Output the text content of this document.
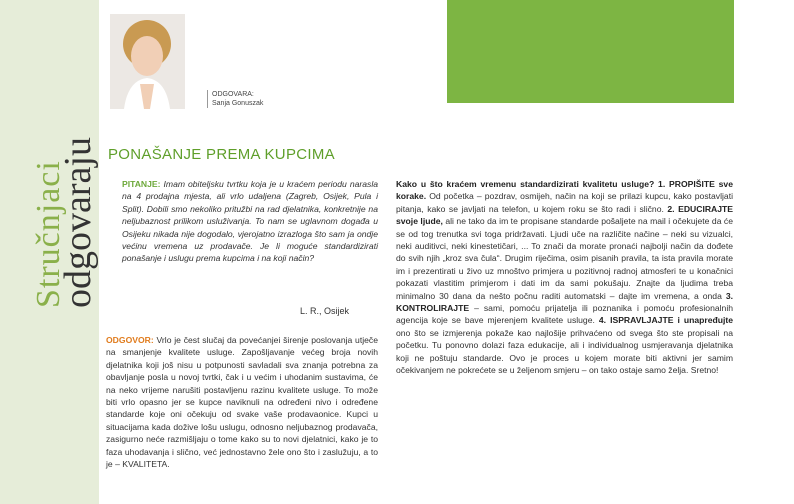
Stručnjaci
odgovaraju
ODGOVARA:
Sanja Gonuszak
PONAŠANJE PREMA KUPCIMA
PITANJE: Imam obiteljsku tvrtku koja je u kraćem periodu narasla na 4 prodajna mjesta, ali vrlo udaljena (Zagreb, Osijek, Pula i Split). Dobili smo nekoliko pritužbi na rad djelatnika, konkretnije na neljubaznost prilikom usluživanja. To nam se uglavnom događa u Osijeku nikada nije dogodalo, vjerojatno izrazloga što sam ja ondje većinu vremena uz prodavače. Je li moguće standardizirati ponašanje i uslugu prema kupcima i na koji način?
L. R., Osijek
ODGOVOR: Vrlo je čest slučaj da povećanjei širenje poslovanja utječe na smanjenje kvalitete usluge. Zapošljavanje većeg broja novih djelatnika koji još nisu u potpunosti savladali sva znanja potrebna za obavljanje posla u novoj tvrtki, čak i u većim i uhodanim sustavima, će na neko vrijeme narušiti postavljenu razinu kvalitete usluge. To može biti vrlo opasno jer se kupce naviknuli na određeni nivo i određene standarde koje oni očekuju od svake vaše prodavaonice. Kupci u situacijama kada dožive lošu uslugu, odnosno neljubaznog prodavača, zasigurno neće razmišljaju o tome kako su to novi djelatnici, kako je to faza uhodavanja i slično, već jednostavno žele ono što i zaslužuju, a to je – KVALITETA.
Kako u što kraćem vremenu standardizirati kvalitetu usluge? 1. PROPIŠITE sve korake. Od početka – pozdrav, osmijeh, način na koji se prilazi kupcu, kako postavljati pitanja, kako se javljati na telefon, u kojem roku se što radi i slično. 2. EDUCIRAJTE svoje ljude, ali ne tako da im te propisane standarde pošaljete na mail i očekujete da će se od tog trenutka svi toga pridržavati. Ljudi uče na različite načine – neki su vizualci, neki auditivci, neki kinestetičari, ... To znači da morate pronaći najbolji način da dođete do svih njih „kroz sva čula“. Drugim riječima, osim pisanih pravila, ta ista pravila morate im i prezentirati u živo uz mnoštvo primjera u pozitivnoj radnoj atmosferi te u konačnici pokazati vlastitim primjerom i dati im da sami pokušaju. Znajte da ljudima treba minimalno 30 dana da nešto počnu raditi automatski – dajte im vremena, a onda 3. KONTROLIRAJTE – sami, pomoću prijatelja ili poznanika i pomoću profesionalnih agencija koje se bave mjerenjem kvalitete usluge. 4. ISPRAVLJAJTE i unapređujte ono što se izmjerenja pokaže kao najlošije prihvaćeno od svega što ste propisali na početku. Tu ponovno dolazi faza edukacije, ali i individualnog usmjeravanja djelatnika koji ne poštuju standarde. Ovo je proces u kojem morate biti aktivni jer samim očekivanjem ne pokrećete se u željenom smjeru – on tako ostaje samo želja. Sretno!
